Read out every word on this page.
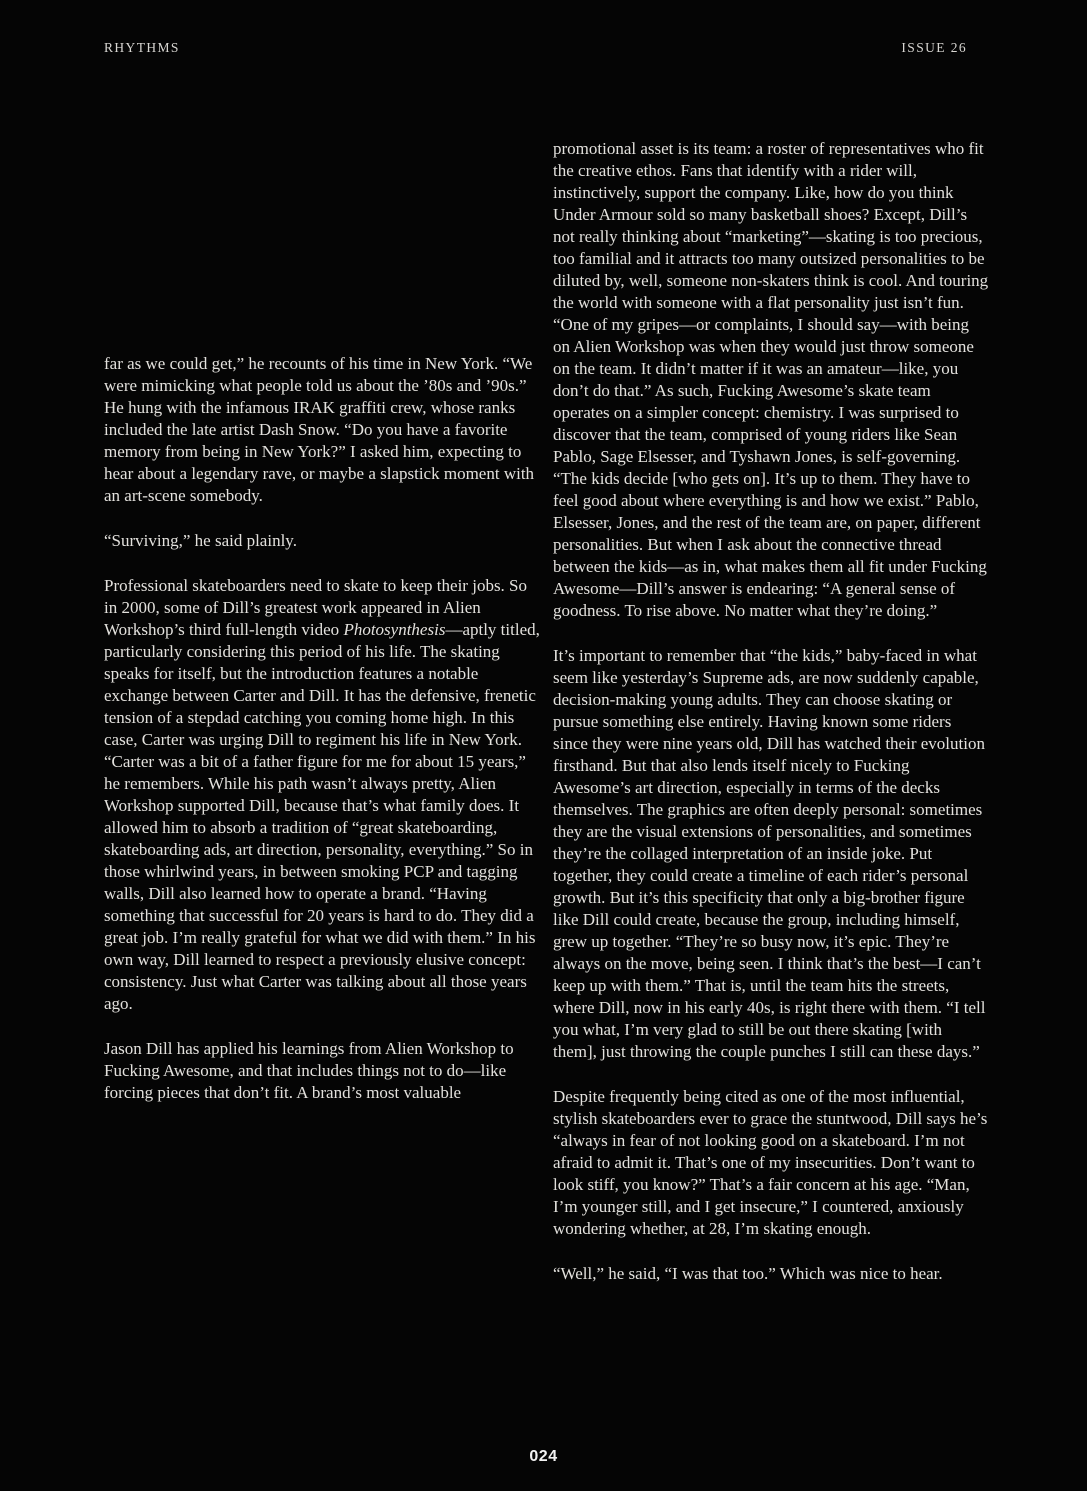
RHYTHMS	ISSUE 26

far as we could get,” he recounts of his time in New York. “We were mimicking what people told us about the ’80s and ’90s.” He hung with the infamous IRAK graffiti crew, whose ranks included the late artist Dash Snow. “Do you have a favorite memory from being in New York?” I asked him, expecting to hear about a legendary rave, or maybe a slapstick moment with an art-scene somebody.

“Surviving,” he said plainly.

Professional skateboarders need to skate to keep their jobs. So in 2000, some of Dill’s greatest work appeared in Alien Workshop’s third full-length video Photosynthesis—aptly titled, particularly considering this period of his life. The skating speaks for itself, but the introduction features a notable exchange between Carter and Dill. It has the defensive, frenetic tension of a stepdad catching you coming home high. In this case, Carter was urging Dill to regiment his life in New York. “Carter was a bit of a father figure for me for about 15 years,” he remembers. While his path wasn’t always pretty, Alien Workshop supported Dill, because that’s what family does. It allowed him to absorb a tradition of “great skateboarding, skateboarding ads, art direction, personality, everything.” So in those whirlwind years, in between smoking PCP and tagging walls, Dill also learned how to operate a brand. “Having something that successful for 20 years is hard to do. They did a great job. I’m really grateful for what we did with them.” In his own way, Dill learned to respect a previously elusive concept: consistency. Just what Carter was talking about all those years ago.

Jason Dill has applied his learnings from Alien Workshop to Fucking Awesome, and that includes things not to do—like forcing pieces that don’t fit. A brand’s most valuable

promotional asset is its team: a roster of representatives who fit the creative ethos. Fans that identify with a rider will, instinctively, support the company. Like, how do you think Under Armour sold so many basketball shoes? Except, Dill’s not really thinking about “marketing”—skating is too precious, too familial and it attracts too many outsized personalities to be diluted by, well, someone non-skaters think is cool. And touring the world with someone with a flat personality just isn’t fun. “One of my gripes—or complaints, I should say—with being on Alien Workshop was when they would just throw someone on the team. It didn’t matter if it was an amateur—like, you don’t do that.” As such, Fucking Awesome’s skate team operates on a simpler concept: chemistry. I was surprised to discover that the team, comprised of young riders like Sean Pablo, Sage Elsesser, and Tyshawn Jones, is self-governing. “The kids decide [who gets on]. It’s up to them. They have to feel good about where everything is and how we exist.” Pablo, Elsesser, Jones, and the rest of the team are, on paper, different personalities. But when I ask about the connective thread between the kids—as in, what makes them all fit under Fucking Awesome—Dill’s answer is endearing: “A general sense of goodness. To rise above. No matter what they’re doing.”

It’s important to remember that “the kids,” baby-faced in what seem like yesterday’s Supreme ads, are now suddenly capable, decision-making young adults. They can choose skating or pursue something else entirely. Having known some riders since they were nine years old, Dill has watched their evolution firsthand. But that also lends itself nicely to Fucking Awesome’s art direction, especially in terms of the decks themselves. The graphics are often deeply personal: sometimes they are the visual extensions of personalities, and sometimes they’re the collaged interpretation of an inside joke. Put together, they could create a timeline of each rider’s personal growth. But it’s this specificity that only a big-brother figure like Dill could create, because the group, including himself, grew up together. “They’re so busy now, it’s epic. They’re always on the move, being seen. I think that’s the best—I can’t keep up with them.” That is, until the team hits the streets, where Dill, now in his early 40s, is right there with them. “I tell you what, I’m very glad to still be out there skating [with them], just throwing the couple punches I still can these days.”

Despite frequently being cited as one of the most influential, stylish skateboarders ever to grace the stuntwood, Dill says he’s “always in fear of not looking good on a skateboard. I’m not afraid to admit it. That’s one of my insecurities. Don’t want to look stiff, you know?” That’s a fair concern at his age. “Man, I’m younger still, and I get insecure,” I countered, anxiously wondering whether, at 28, I’m skating enough.

“Well,” he said, “I was that too.” Which was nice to hear.

024
